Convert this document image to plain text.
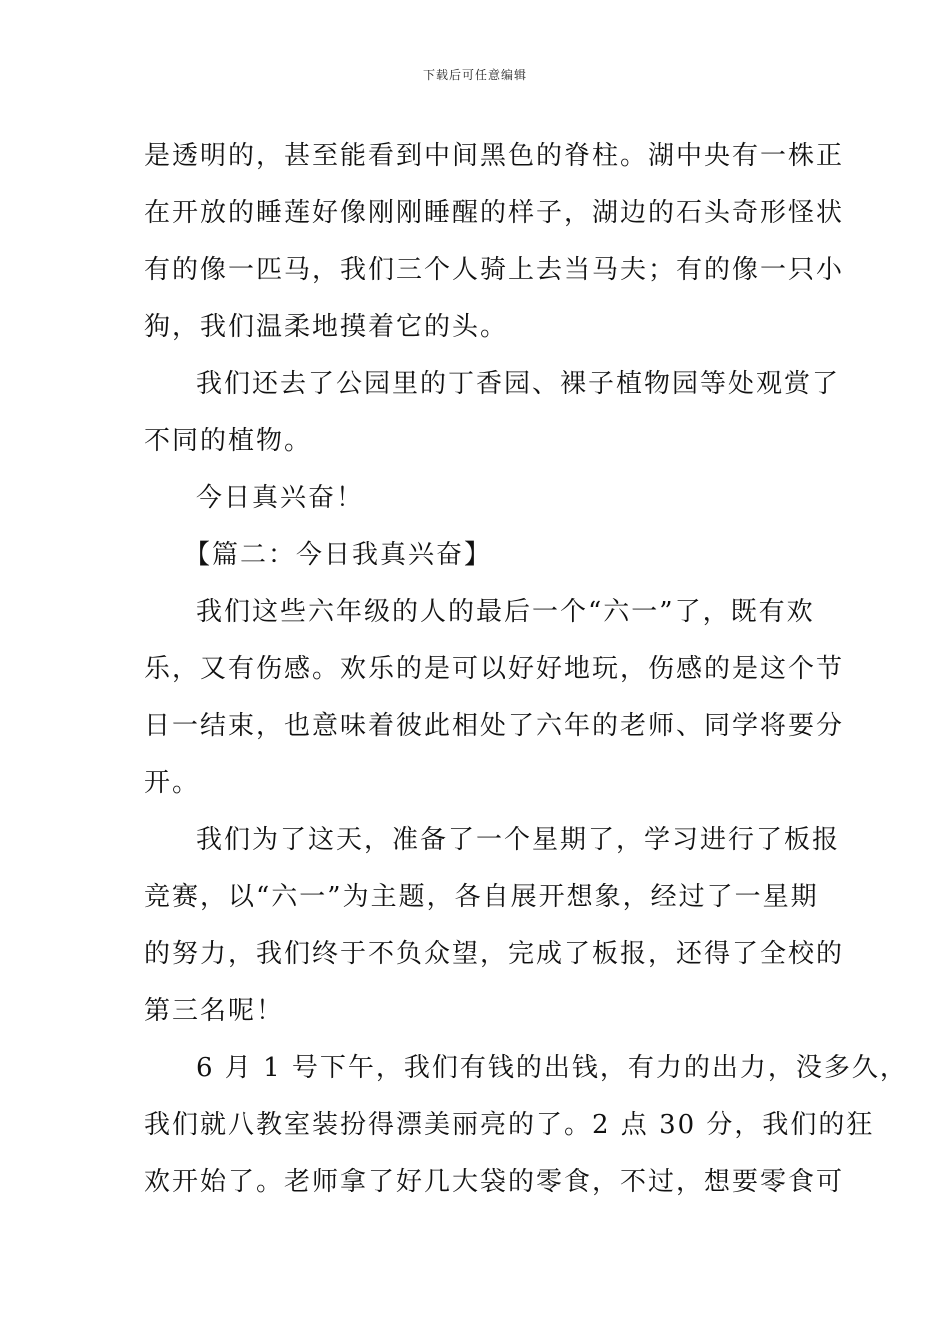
下载后可任意编辑
是透明的，甚至能看到中间黑色的脊柱。湖中央有一株正
在开放的睡莲好像刚刚睡醒的样子，湖边的石头奇形怪状
有的像一匹马，我们三个人骑上去当马夫；有的像一只小
狗，我们温柔地摸着它的头。
我们还去了公园里的丁香园、裸子植物园等处观赏了
不同的植物。
今日真兴奋！
【篇二：今日我真兴奋】
我们这些六年级的人的最后一个“六一”了，既有欢
乐，又有伤感。欢乐的是可以好好地玩，伤感的是这个节
日一结束，也意味着彼此相处了六年的老师、同学将要分
开。
我们为了这天，准备了一个星期了，学习进行了板报
竞赛，以“六一”为主题，各自展开想象，经过了一星期
的努力，我们终于不负众望，完成了板报，还得了全校的
第三名呢！
6 月 1 号下午，我们有钱的出钱，有力的出力，没多久，
我们就八教室装扮得漂美丽亮的了。2 点 30 分，我们的狂
欢开始了。老师拿了好几大袋的零食，不过，想要零食可
